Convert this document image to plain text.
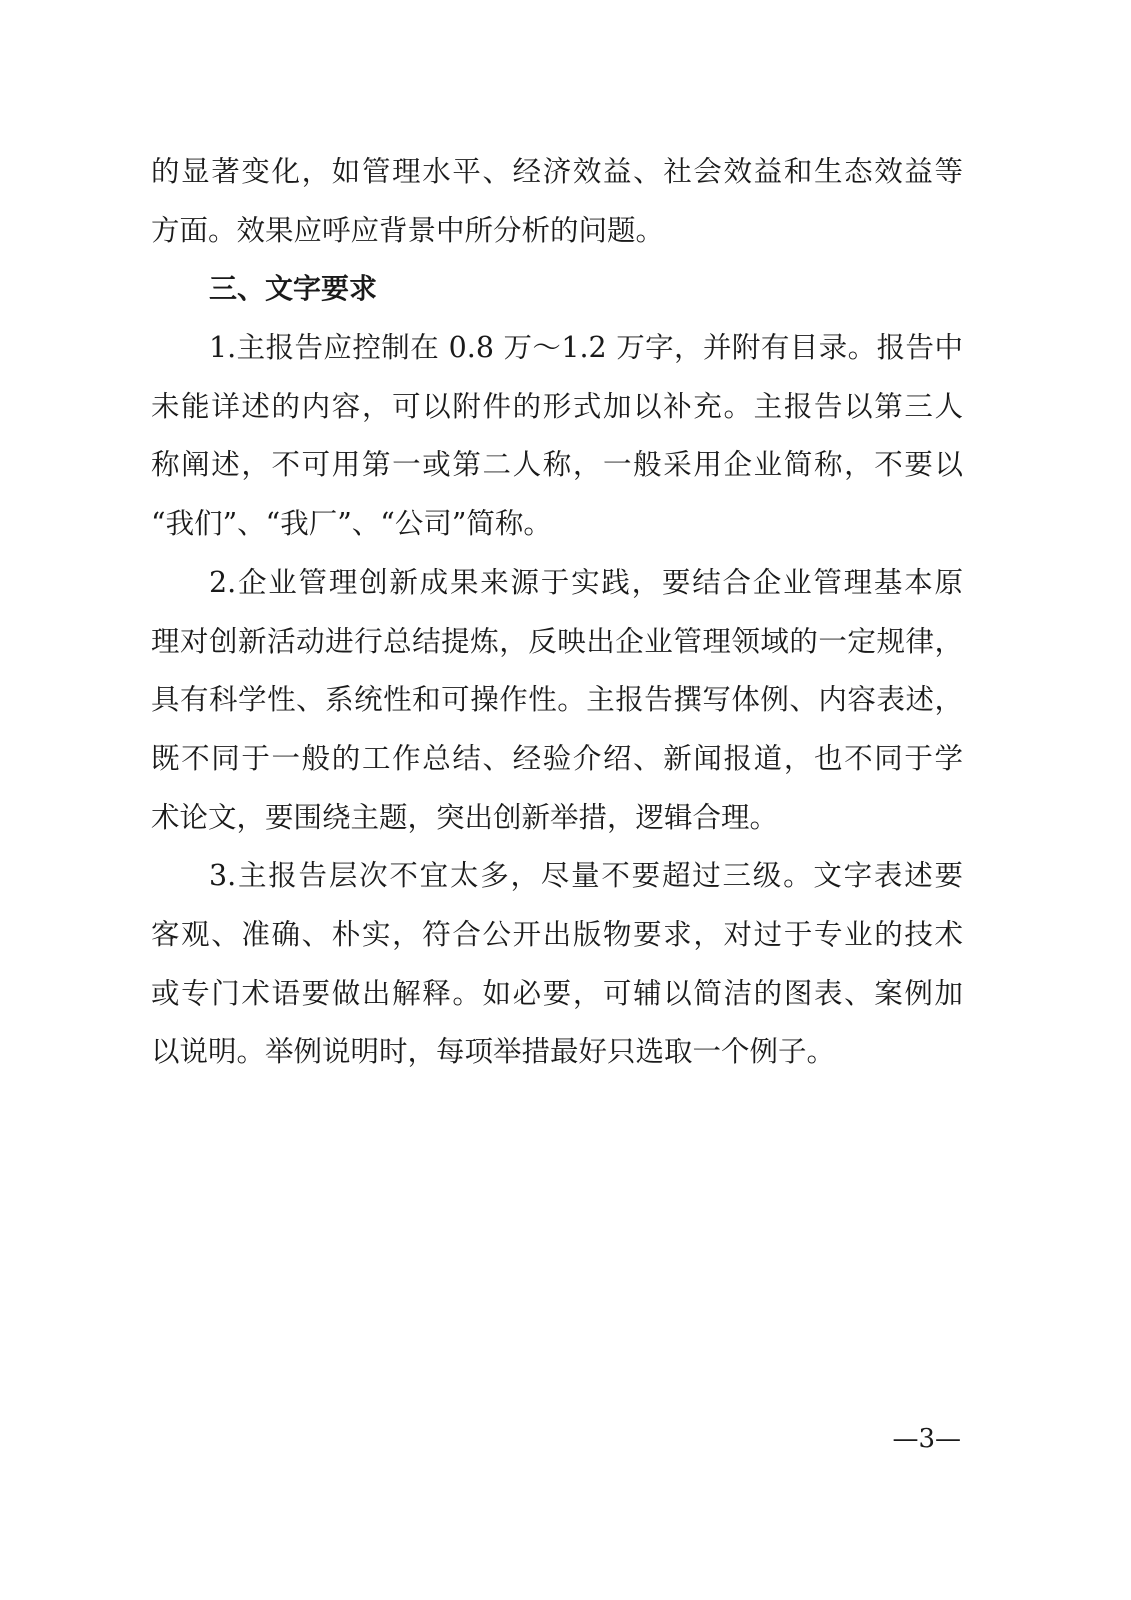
的显著变化，如管理水平、经济效益、社会效益和生态效益等
方面。效果应呼应背景中所分析的问题。
三、文字要求
1.主报告应控制在 0.8 万～1.2 万字，并附有目录。报告中
未能详述的内容，可以附件的形式加以补充。主报告以第三人
称阐述，不可用第一或第二人称，一般采用企业简称，不要以
“我们”、“我厂”、“公司”简称。
2.企业管理创新成果来源于实践，要结合企业管理基本原
理对创新活动进行总结提炼，反映出企业管理领域的一定规律，
具有科学性、系统性和可操作性。主报告撰写体例、内容表述，
既不同于一般的工作总结、经验介绍、新闻报道，也不同于学
术论文，要围绕主题，突出创新举措，逻辑合理。
3.主报告层次不宜太多，尽量不要超过三级。文字表述要
客观、准确、朴实，符合公开出版物要求，对过于专业的技术
或专门术语要做出解释。如必要，可辅以简洁的图表、案例加
以说明。举例说明时，每项举措最好只选取一个例子。
—3—
